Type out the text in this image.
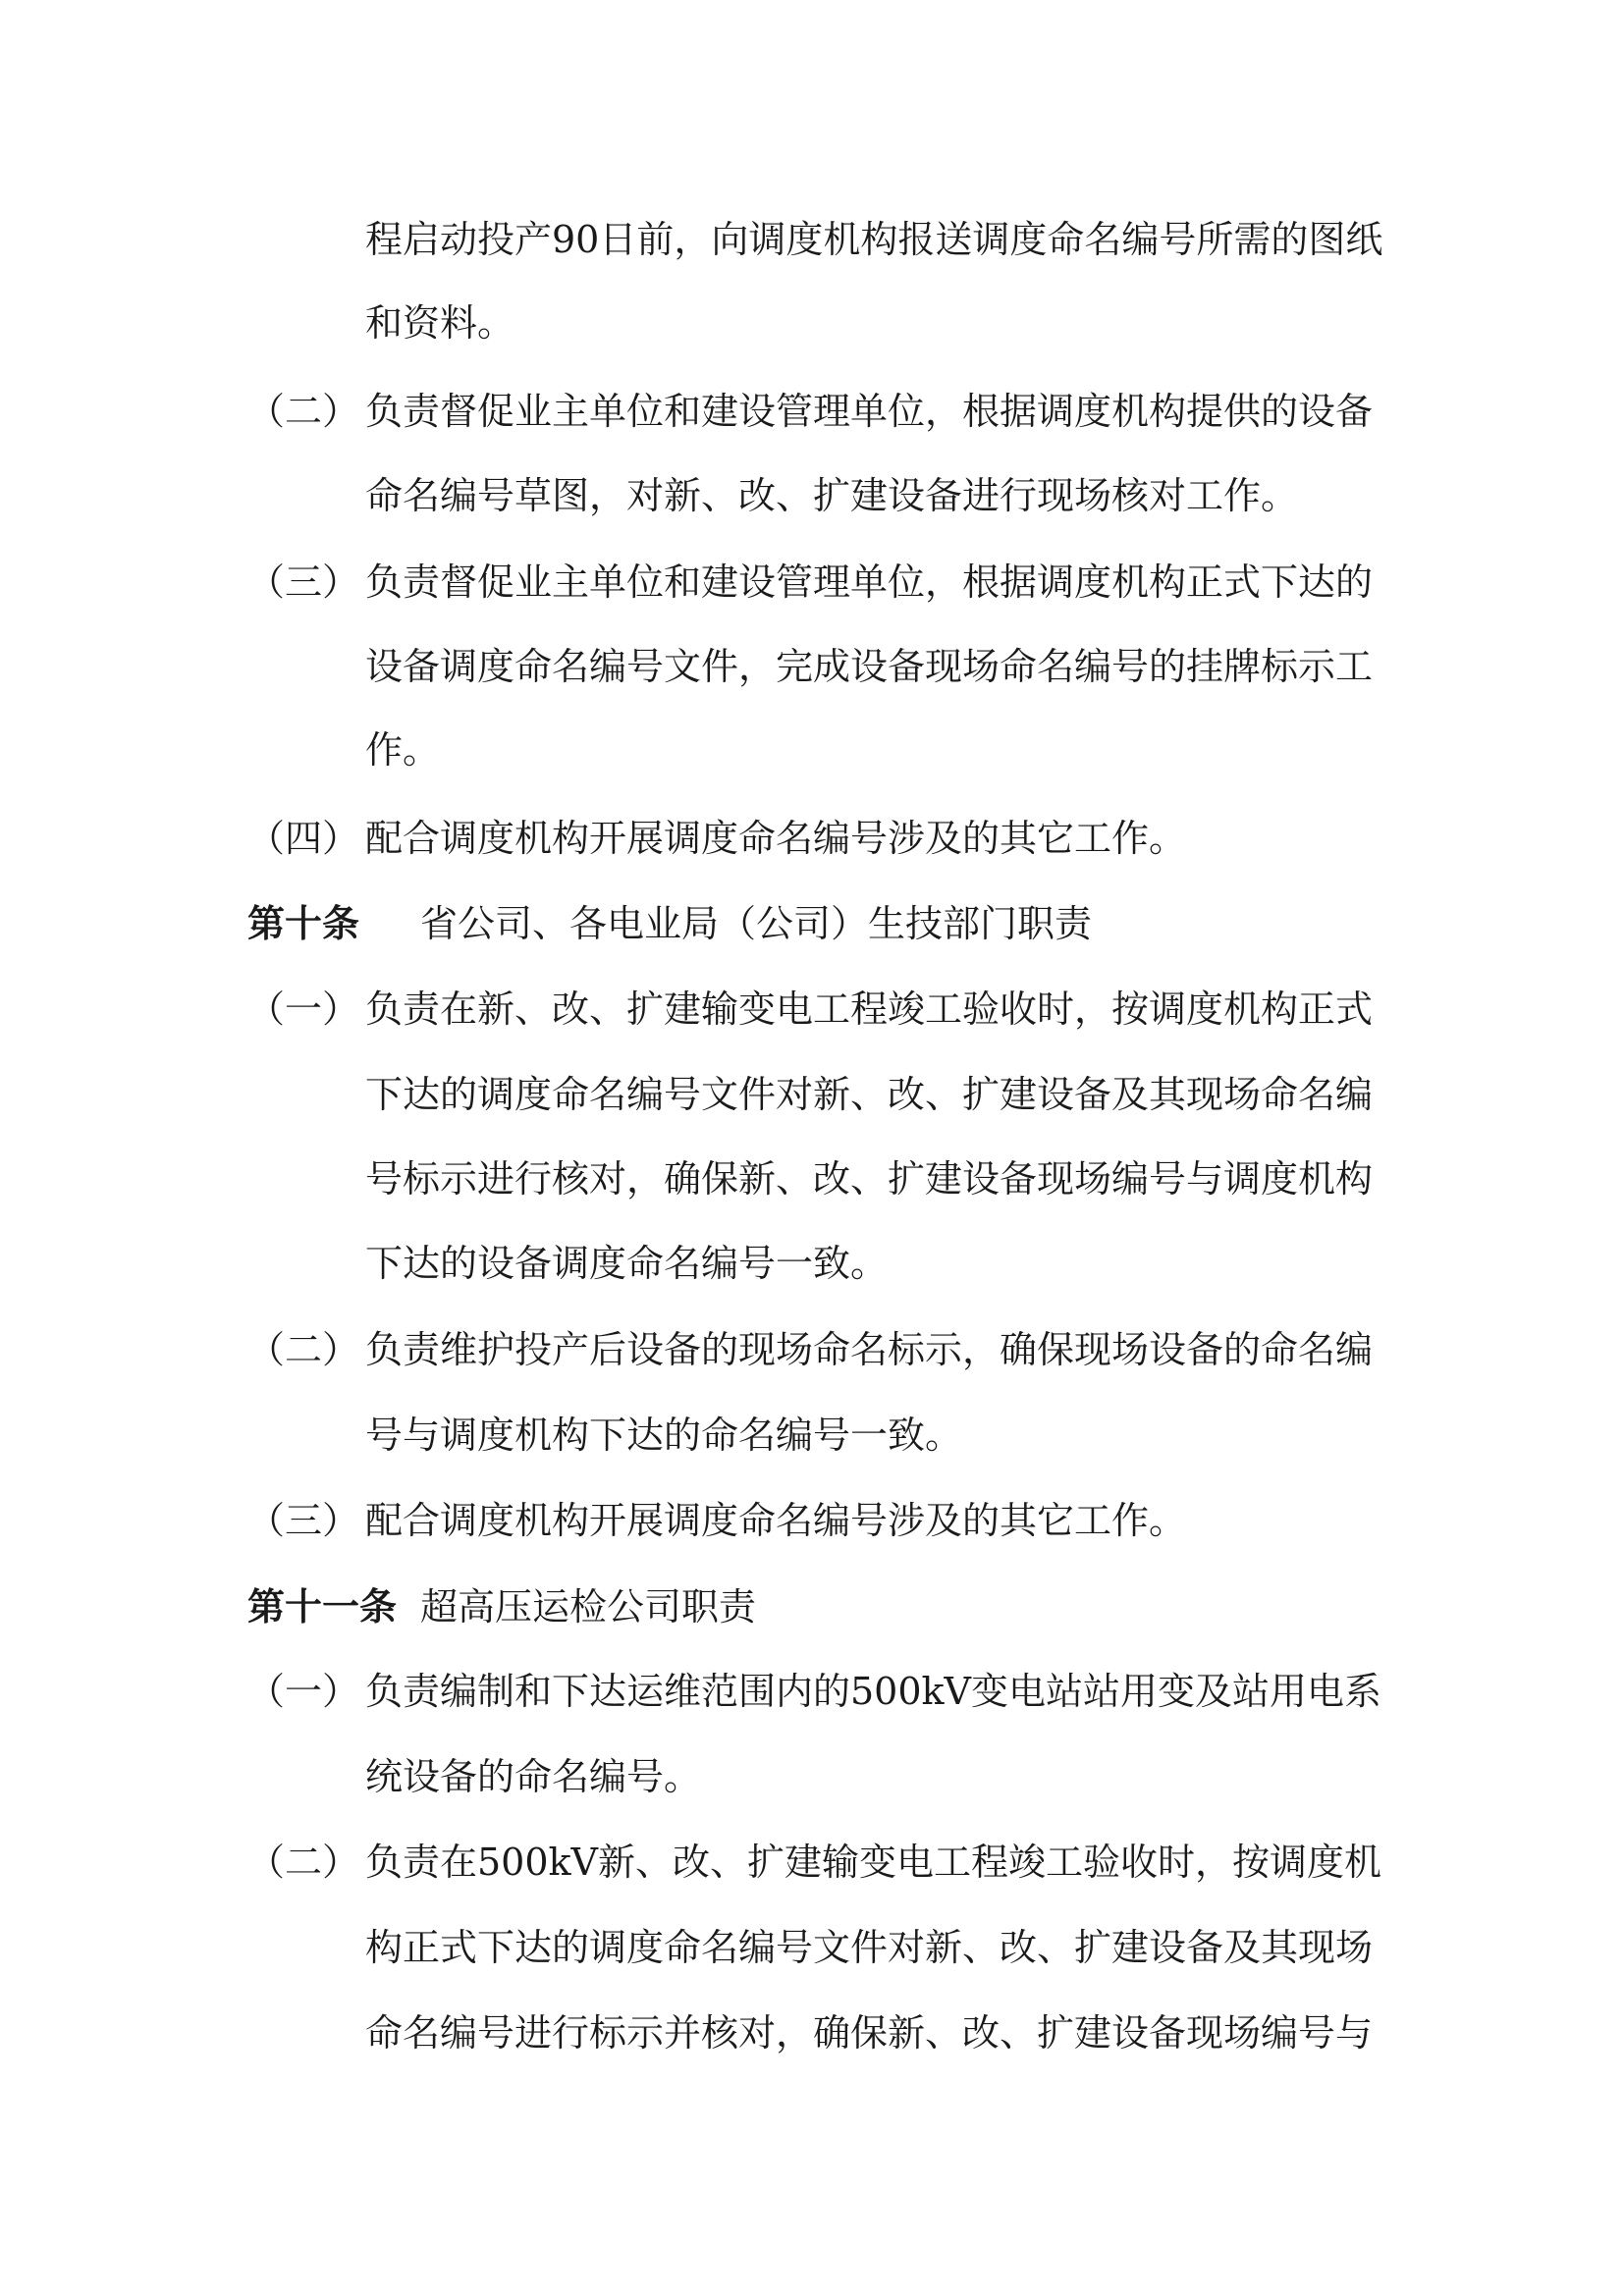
程启动投产90日前，向调度机构报送调度命名编号所需的图纸
和资料。
（二） 负责督促业主单位和建设管理单位，根据调度机构提供的设备
命名编号草图，对新、改、扩建设备进行现场核对工作。
（三） 负责督促业主单位和建设管理单位，根据调度机构正式下达的
设备调度命名编号文件，完成设备现场命名编号的挂牌标示工
作。
（四） 配合调度机构开展调度命名编号涉及的其它工作。
第十条 省公司、各电业局（公司）生技部门职责
（一） 负责在新、改、扩建输变电工程竣工验收时，按调度机构正式
下达的调度命名编号文件对新、改、扩建设备及其现场命名编
号标示进行核对，确保新、改、扩建设备现场编号与调度机构
下达的设备调度命名编号一致。
（二） 负责维护投产后设备的现场命名标示，确保现场设备的命名编
号与调度机构下达的命名编号一致。
（三） 配合调度机构开展调度命名编号涉及的其它工作。
第十一条 超高压运检公司职责
（一） 负责编制和下达运维范围内的500kV变电站站用变及站用电系
统设备的命名编号。
（二） 负责在500kV新、改、扩建输变电工程竣工验收时，按调度机
构正式下达的调度命名编号文件对新、改、扩建设备及其现场
命名编号进行标示并核对，确保新、改、扩建设备现场编号与
